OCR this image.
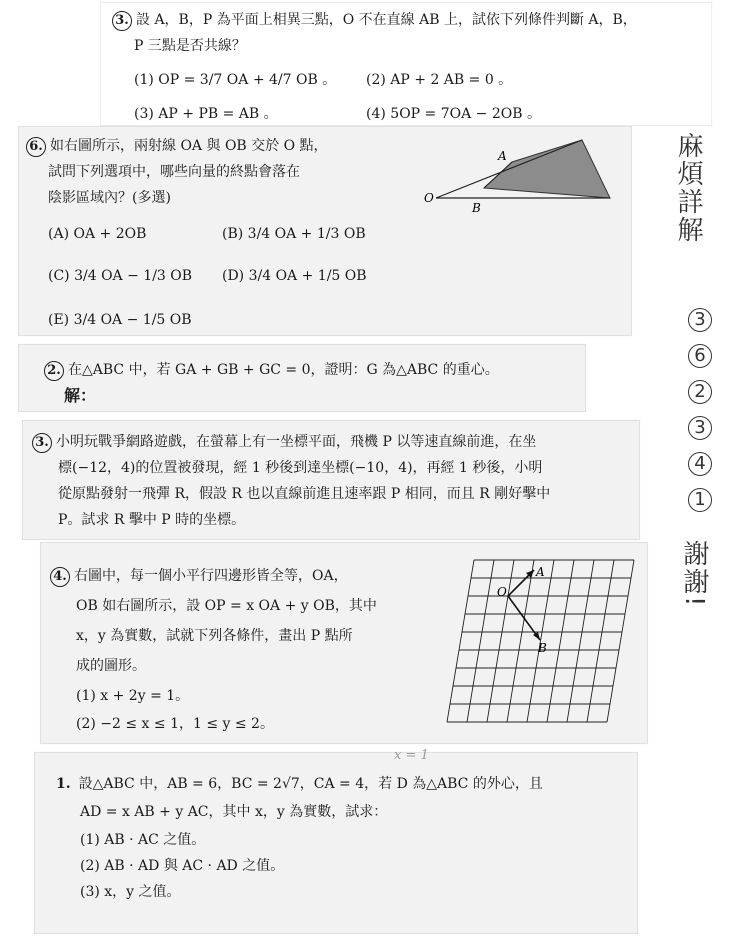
3. 設 A，B，P 為平面上相異三點，O 不在直線 AB 上，試依下列條件判斷 A，B，
P 三點是否共線？
(1) OP = 3/7 OA + 4/7 OB 。 (2) AP + 2 AB = 0 。
(3) AP + PB = AB 。	(4) 5OP = 7OA − 2OB 。
6. 如右圖所示，兩射線 OA 與 OB 交於 O 點，
試問下列選項中，哪些向量的終點會落在
陰影區域內？(多選)
(A) OA + 2OB	(B) 3/4 OA + 1/3 OB
(C) 3/4 OA − 1/3 OB (D) 3/4 OA + 1/5 OB
(E) 3/4 OA − 1/5 OB
O
A
B
2. 在△ABC 中，若 GA + GB + GC = 0，證明：G 為△ABC 的重心。
解：
3. 小明玩戰爭網路遊戲，在螢幕上有一坐標平面，飛機 P 以等速直線前進，在坐
標(−12，4)的位置被發現，經 1 秒後到達坐標(−10，4)，再經 1 秒後，小明
從原點發射一飛彈 R，假設 R 也以直線前進且速率跟 P 相同，而且 R 剛好擊中
P。試求 R 擊中 P 時的坐標。
4. 右圖中，每一個小平行四邊形皆全等，OA，
OB 如右圖所示，設 OP = x OA + y OB，其中
x，y 為實數，試就下列各條件，畫出 P 點所
成的圖形。
(1) x + 2y = 1。
(2) −2 ≤ x ≤ 1，1 ≤ y ≤ 2。
O
A
B
x = 1
1. 設△ABC 中，AB = 6，BC = 2√7，CA = 4，若 D 為△ABC 的外心，且
AD = x AB + y AC，其中 x，y 為實數，試求：
(1) AB · AC 之值。
(2) AB · AD 與 AC · AD 之值。
(3) x，y 之值。
麻煩詳解
3
6
2
3
4
1
謝謝!
